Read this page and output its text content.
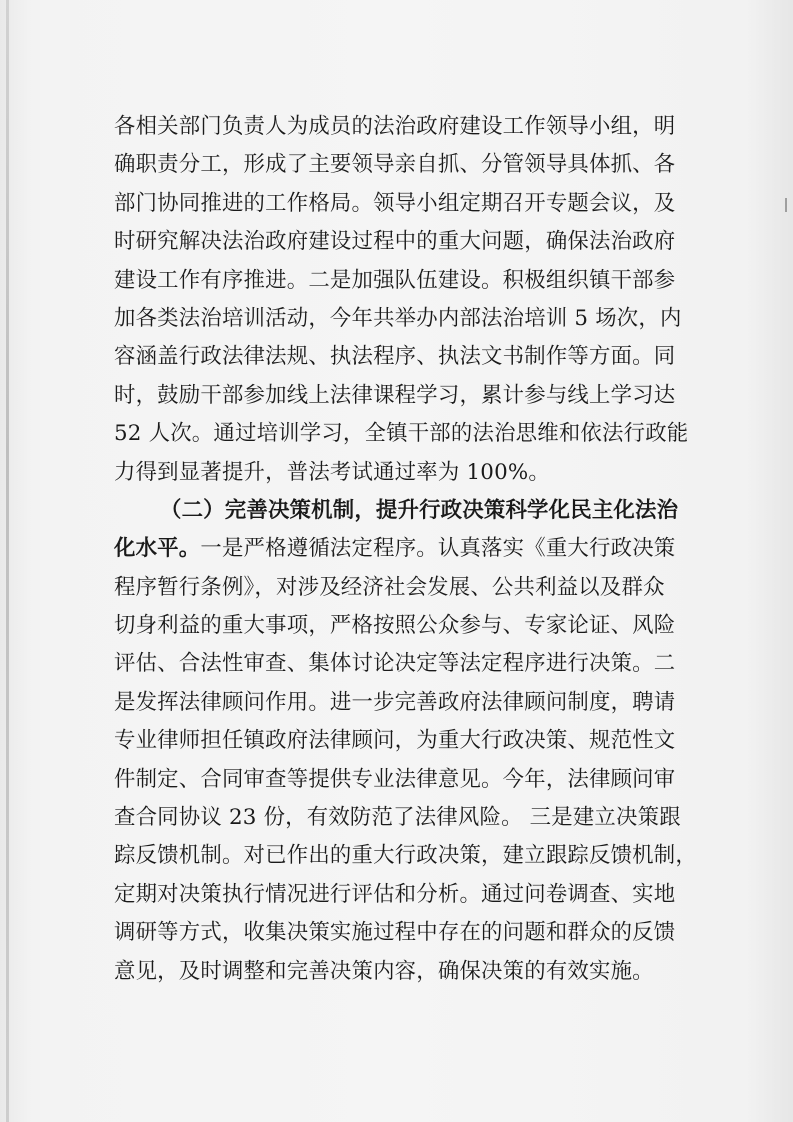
各相关部门负责人为成员的法治政府建设工作领导小组，明
确职责分工，形成了主要领导亲自抓、分管领导具体抓、各
部门协同推进的工作格局。领导小组定期召开专题会议，及
时研究解决法治政府建设过程中的重大问题，确保法治政府
建设工作有序推进。二是加强队伍建设。积极组织镇干部参
加各类法治培训活动，今年共举办内部法治培训 5 场次，内
容涵盖行政法律法规、执法程序、执法文书制作等方面。同
时，鼓励干部参加线上法律课程学习，累计参与线上学习达
52 人次。通过培训学习，全镇干部的法治思维和依法行政能
力得到显著提升，普法考试通过率为 100%。
（二）完善决策机制，提升行政决策科学化民主化法治
化水平。一是严格遵循法定程序。认真落实《重大行政决策
程序暂行条例》，对涉及经济社会发展、公共利益以及群众
切身利益的重大事项，严格按照公众参与、专家论证、风险
评估、合法性审查、集体讨论决定等法定程序进行决策。二
是发挥法律顾问作用。进一步完善政府法律顾问制度，聘请
专业律师担任镇政府法律顾问，为重大行政决策、规范性文
件制定、合同审查等提供专业法律意见。今年，法律顾问审
查合同协议 23 份，有效防范了法律风险。 三是建立决策跟
踪反馈机制。对已作出的重大行政决策，建立跟踪反馈机制，
定期对决策执行情况进行评估和分析。通过问卷调查、实地
调研等方式，收集决策实施过程中存在的问题和群众的反馈
意见，及时调整和完善决策内容，确保决策的有效实施。
